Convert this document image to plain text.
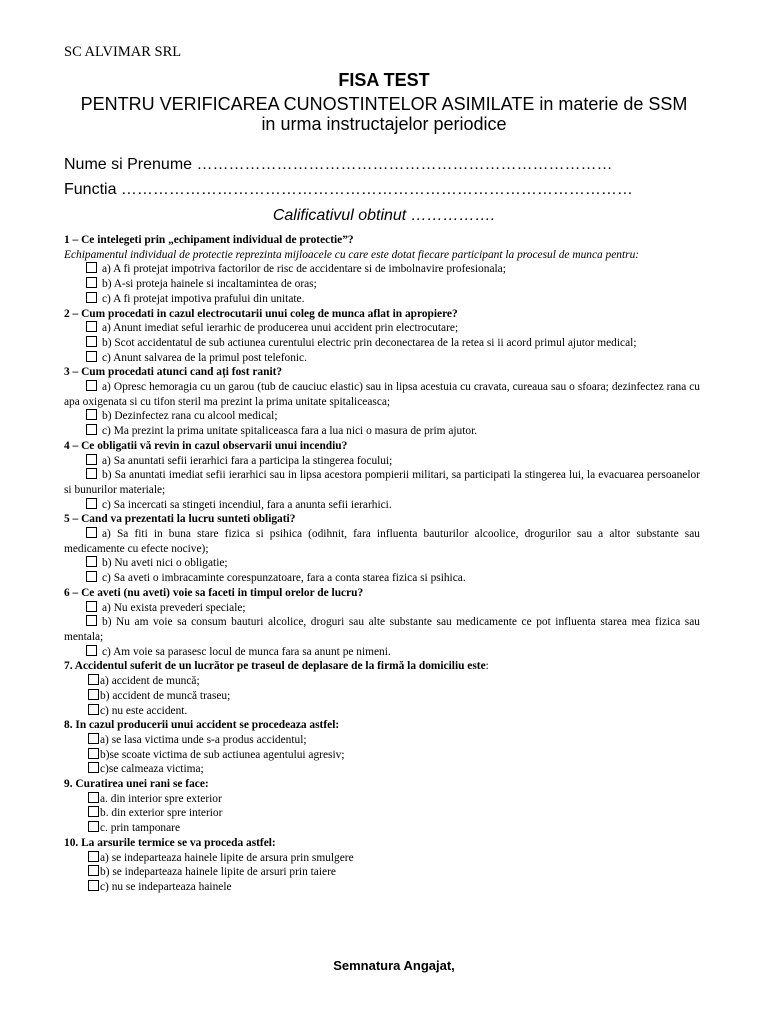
SC ALVIMAR SRL
FISA TEST
PENTRU VERIFICAREA CUNOSTINTELOR ASIMILATE in materie de SSM
in urma instructajelor periodice
Nume si Prenume ……………………………………………………………………
Functia ……………………………………………………………………………………
Calificativul obtinut …………….
1 – Ce intelegeti prin „echipament individual de protectie”?
Echipamentul individual de protectie reprezinta mijloacele cu care este dotat fiecare participant la procesul de munca pentru:
a) A fi protejat impotriva factorilor de risc de accidentare si de imbolnavire profesionala;
b) A-si proteja hainele si incaltamintea de oras;
c) A fi protejat impotiva prafului din unitate.
2 – Cum procedati in cazul electrocutarii unui coleg de munca aflat in apropiere?
a) Anunt imediat seful ierarhic de producerea unui accident prin electrocutare;
b) Scot accidentatul de sub actiunea curentului electric prin deconectarea de la retea si ii acord primul ajutor medical;
c) Anunt salvarea de la primul post telefonic.
3 – Cum procedati atunci cand ați fost ranit?
a) Opresc hemoragia cu un garou (tub de cauciuc elastic) sau in lipsa acestuia cu cravata, cureaua sau o sfoara; dezinfectez rana cu apa oxigenata si cu tifon steril ma prezint la prima unitate spitaliceasca;
b) Dezinfectez rana cu alcool medical;
c) Ma prezint la prima unitate spitaliceasca fara a lua nici o masura de prim ajutor.
4 – Ce obligatii vă revin in cazul observarii unui incendiu?
a) Sa anuntati sefii ierarhici fara a participa la stingerea focului;
b) Sa anuntati imediat sefii ierarhici sau in lipsa acestora pompierii militari, sa participati la stingerea lui, la evacuarea persoanelor si bunurilor materiale;
c) Sa incercati sa stingeti incendiul, fara a anunta sefii ierarhici.
5 – Cand va prezentati la lucru sunteti obligati?
a) Sa fiti in buna stare fizica si psihica (odihnit, fara influenta bauturilor alcoolice, drogurilor sau a altor substante sau medicamente cu efecte nocive);
b) Nu aveti nici o obligatie;
c) Sa aveti o imbracaminte corespunzatoare, fara a conta starea fizica si psihica.
6 – Ce aveti (nu aveti) voie sa faceti in timpul orelor de lucru?
a) Nu exista prevederi speciale;
b) Nu am voie sa consum bauturi alcolice, droguri sau alte substante sau medicamente ce pot influenta starea mea fizica sau mentala;
c) Am voie sa parasesc locul de munca fara sa anunt pe nimeni.
7. Accidentul suferit de un lucrător pe traseul de deplasare de la firmă la domiciliu este:
a) accident de muncă;
b) accident de muncă traseu;
c) nu este accident.
8. In cazul producerii unui accident se procedeaza astfel:
a) se lasa victima unde s-a produs accidentul;
b)se scoate victima de sub actiunea agentului agresiv;
c)se calmeaza victima;
9. Curatirea unei rani se face:
a. din interior spre exterior
b. din exterior spre interior
c. prin tamponare
10. La arsurile termice se va proceda astfel:
a) se indeparteaza hainele lipite de arsura prin smulgere
b) se indeparteaza hainele lipite de arsuri prin taiere
c) nu se indeparteaza hainele
Semnatura Angajat,
